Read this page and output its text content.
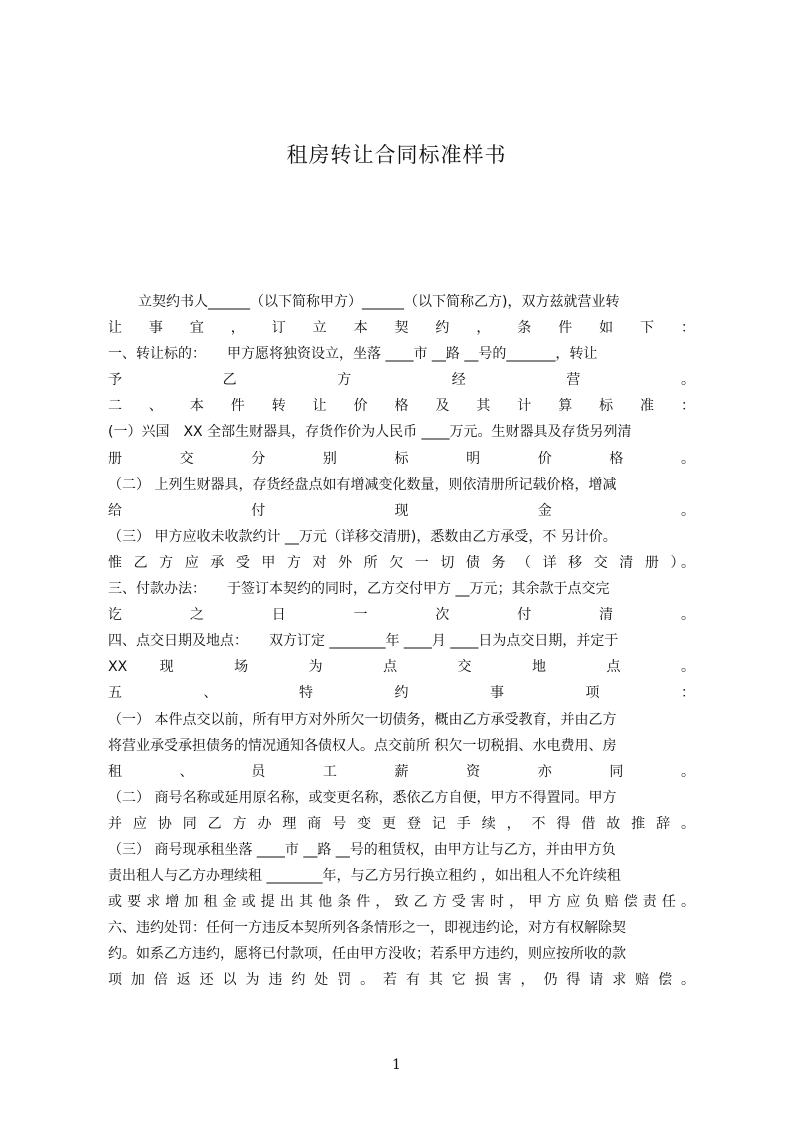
租房转让合同标准样书
立契约书人______（以下简称甲方）______（以下简称乙方)，双方兹就营业转
让 事 宜 ， 订 立 本 契 约 ， 条 件 如 下 ：
一、转让标的：　　甲方愿将独资设立，坐落 ____市 __路 __号的_______，转让
予 乙 方 经 营 。
二 、 本 件 转 让 价 格 及 其 计 算 标 准 ：
(一）兴国　XX 全部生财器具，存货作价为人民币 ____万元。生财器具及存货另列清
册 交 分 别 标 明 价 格 。
（二） 上列生财器具，存货经盘点如有增减变化数量，则依清册所记载价格，增减
给 付 现 金 。
（三） 甲方应收未收款约计 __万元（详移交清册)，悉数由乙方承受，不 另计价。
惟 乙 方 应 承 受 甲 方 对 外 所 欠 一 切 债 务 （ 详 移 交 清 册 ）。
三、付款办法：　　于签订本契约的同时，乙方交付甲方 __万元；其余款于点交完
讫 之 日 一 次 付 清 。
四、点交日期及地点：　　双方订定 ________年 ____月 ____日为点交日期，并定于
XX 现 场 为 点 交 地 点 。
五 、 特 约 事 项 ：
（一） 本件点交以前，所有甲方对外所欠一切债务，概由乙方承受教育，并由乙方
将营业承受承担债务的情况通知各债权人。点交前所 积欠一切税捐、水电费用、房
租 、 员 工 薪 资 亦 同 。
（二） 商号名称或延用原名称，或变更名称，悉依乙方自便，甲方不得置同。甲方
并 应 协 同 乙 方 办 理 商 号 变 更 登 记 手 续 ， 不 得 借 故 推 辞 。
（三） 商号现承租坐落 ____市 __路 __号的租赁权，由甲方让与乙方，并由甲方负
责出租人与乙方办理续租 ________年，与乙方另行换立租约 ，如出租人不允许续租
或 要 求 增 加 租 金 或 提 出 其 他 条 件 ， 致 乙 方 受 害 时 ， 甲 方 应 负 赔 偿 责 任 。
六、违约处罚：任何一方违反本契所列各条情形之一，即视违约论，对方有权解除契
约。如系乙方违约，愿将已付款项，任由甲方没收；若系甲方违约，则应按所收的款
项 加 倍 返 还 以 为 违 约 处 罚 。 若 有 其 它 损 害 ， 仍 得 请 求 赔 偿 。
1
